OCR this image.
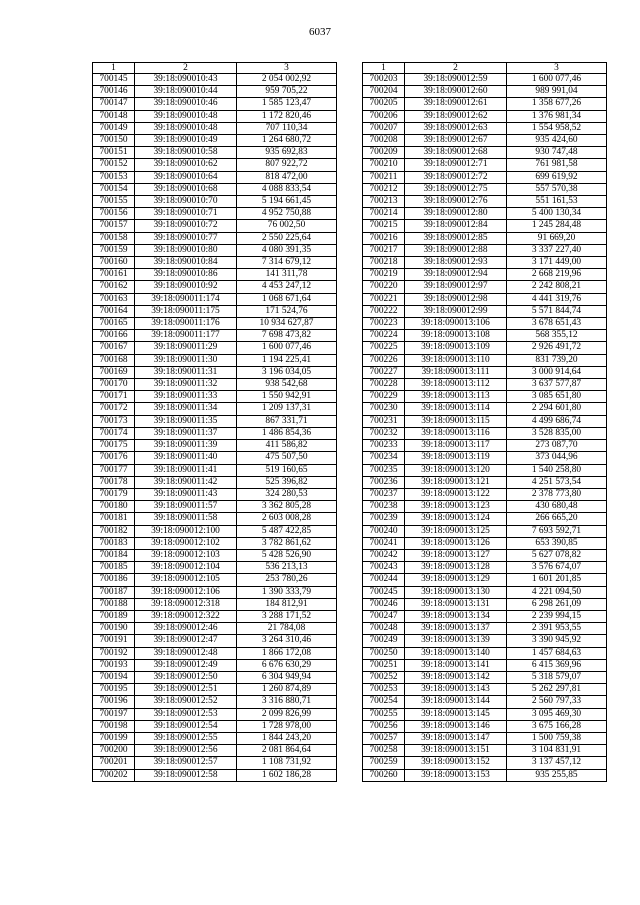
6037
1	2	3
700145	39:18:090010:43	2 054 002,92
700146	39:18:090010:44	959 705,22
700147	39:18:090010:46	1 585 123,47
700148	39:18:090010:48	1 172 820,46
700149	39:18:090010:48	707 110,34
700150	39:18:090010:49	1 264 680,72
700151	39:18:090010:58	935 692,83
700152	39:18:090010:62	807 922,72
700153	39:18:090010:64	818 472,00
700154	39:18:090010:68	4 088 833,54
700155	39:18:090010:70	5 194 661,45
700156	39:18:090010:71	4 952 750,88
700157	39:18:090010:72	76 002,50
700158	39:18:090010:77	2 550 225,64
700159	39:18:090010:80	4 080 391,35
700160	39:18:090010:84	7 314 679,12
700161	39:18:090010:86	141 311,78
700162	39:18:090010:92	4 453 247,12
700163	39:18:090011:174	1 068 671,64
700164	39:18:090011:175	171 524,76
700165	39:18:090011:176	10 934 627,87
700166	39:18:090011:177	7 698 473,82
700167	39:18:090011:29	1 600 077,46
700168	39:18:090011:30	1 194 225,41
700169	39:18:090011:31	3 196 034,05
700170	39:18:090011:32	938 542,68
700171	39:18:090011:33	1 550 942,91
700172	39:18:090011:34	1 209 137,31
700173	39:18:090011:35	867 331,71
700174	39:18:090011:37	1 486 854,36
700175	39:18:090011:39	411 586,82
700176	39:18:090011:40	475 507,50
700177	39:18:090011:41	519 160,65
700178	39:18:090011:42	525 396,82
700179	39:18:090011:43	324 280,53
700180	39:18:090011:57	3 362 805,28
700181	39:18:090011:58	2 603 008,28
700182	39:18:090012:100	5 487 422,85
700183	39:18:090012:102	3 782 861,62
700184	39:18:090012:103	5 428 526,90
700185	39:18:090012:104	536 213,13
700186	39:18:090012:105	253 780,26
700187	39:18:090012:106	1 390 333,79
700188	39:18:090012:318	184 812,91
700189	39:18:090012:322	3 288 171,52
700190	39:18:090012:46	21 784,08
700191	39:18:090012:47	3 264 310,46
700192	39:18:090012:48	1 866 172,08
700193	39:18:090012:49	6 676 630,29
700194	39:18:090012:50	6 304 949,94
700195	39:18:090012:51	1 260 874,89
700196	39:18:090012:52	3 316 880,71
700197	39:18:090012:53	2 099 826,99
700198	39:18:090012:54	1 728 978,00
700199	39:18:090012:55	1 844 243,20
700200	39:18:090012:56	2 081 864,64
700201	39:18:090012:57	1 108 731,92
700202	39:18:090012:58	1 602 186,28
1	2	3
700203	39:18:090012:59	1 600 077,46
700204	39:18:090012:60	989 991,04
700205	39:18:090012:61	1 358 677,26
700206	39:18:090012:62	1 376 981,34
700207	39:18:090012:63	1 554 958,52
700208	39:18:090012:67	935 424,60
700209	39:18:090012:68	930 747,48
700210	39:18:090012:71	761 981,58
700211	39:18:090012:72	699 619,92
700212	39:18:090012:75	557 570,38
700213	39:18:090012:76	551 161,53
700214	39:18:090012:80	5 400 130,34
700215	39:18:090012:84	1 245 284,48
700216	39:18:090012:85	91 669,20
700217	39:18:090012:88	3 337 227,40
700218	39:18:090012:93	3 171 449,00
700219	39:18:090012:94	2 668 219,96
700220	39:18:090012:97	2 242 808,21
700221	39:18:090012:98	4 441 319,76
700222	39:18:090012:99	5 571 844,74
700223	39:18:090013:106	3 678 651,43
700224	39:18:090013:108	568 355,12
700225	39:18:090013:109	2 926 491,72
700226	39:18:090013:110	831 739,20
700227	39:18:090013:111	3 000 914,64
700228	39:18:090013:112	3 637 577,87
700229	39:18:090013:113	3 085 651,80
700230	39:18:090013:114	2 294 601,80
700231	39:18:090013:115	4 499 686,74
700232	39:18:090013:116	3 528 835,00
700233	39:18:090013:117	273 087,70
700234	39:18:090013:119	373 044,96
700235	39:18:090013:120	1 540 258,80
700236	39:18:090013:121	4 251 573,54
700237	39:18:090013:122	2 378 773,80
700238	39:18:090013:123	430 680,48
700239	39:18:090013:124	266 665,20
700240	39:18:090013:125	7 693 592,71
700241	39:18:090013:126	653 390,85
700242	39:18:090013:127	5 627 078,82
700243	39:18:090013:128	3 576 674,07
700244	39:18:090013:129	1 601 201,85
700245	39:18:090013:130	4 221 094,50
700246	39:18:090013:131	6 298 261,09
700247	39:18:090013:134	2 239 994,15
700248	39:18:090013:137	2 391 953,55
700249	39:18:090013:139	3 390 945,92
700250	39:18:090013:140	1 457 684,63
700251	39:18:090013:141	6 415 369,96
700252	39:18:090013:142	5 318 579,07
700253	39:18:090013:143	5 262 297,81
700254	39:18:090013:144	2 560 797,33
700255	39:18:090013:145	3 095 469,30
700256	39:18:090013:146	3 675 166,28
700257	39:18:090013:147	1 500 759,38
700258	39:18:090013:151	3 104 831,91
700259	39:18:090013:152	3 137 457,12
700260	39:18:090013:153	935 255,85
